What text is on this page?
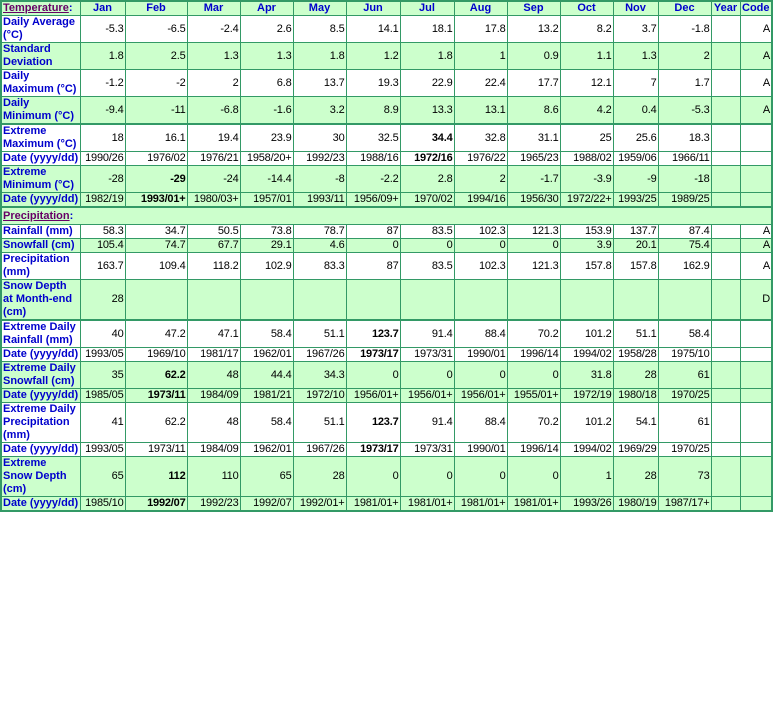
Temperature:	Jan	Feb	Mar	Apr	May	Jun	Jul	Aug	Sep	Oct	Nov	Dec	Year	Code
Daily Average (°C)	-5.3	-6.5	-2.4	2.6	8.5	14.1	18.1	17.8	13.2	8.2	3.7	-1.8		A
Standard Deviation	1.8	2.5	1.3	1.3	1.8	1.2	1.8	1	0.9	1.1	1.3	2		A
Daily Maximum (°C)	-1.2	-2	2	6.8	13.7	19.3	22.9	22.4	17.7	12.1	7	1.7		A
Daily Minimum (°C)	-9.4	-11	-6.8	-1.6	3.2	8.9	13.3	13.1	8.6	4.2	0.4	-5.3		A
Extreme Maximum (°C)	18	16.1	19.4	23.9	30	32.5	34.4	32.8	31.1	25	25.6	18.3		
Date (yyyy/dd)	1990/26	1976/02	1976/21	1958/20+	1992/23	1988/16	1972/16	1976/22	1965/23	1988/02	1959/06	1966/11		
Extreme Minimum (°C)	-28	-29	-24	-14.4	-8	-2.2	2.8	2	-1.7	-3.9	-9	-18		
Date (yyyy/dd)	1982/19	1993/01+	1980/03+	1957/01	1993/11	1956/09+	1970/02	1994/16	1956/30	1972/22+	1993/25	1989/25		
Precipitation:														
Rainfall (mm)	58.3	34.7	50.5	73.8	78.7	87	83.5	102.3	121.3	153.9	137.7	87.4		A
Snowfall (cm)	105.4	74.7	67.7	29.1	4.6	0	0	0	0	3.9	20.1	75.4		A
Precipitation (mm)	163.7	109.4	118.2	102.9	83.3	87	83.5	102.3	121.3	157.8	157.8	162.9		A
Snow Depth at Month-end (cm)	28													D
Extreme Daily Rainfall (mm)	40	47.2	47.1	58.4	51.1	123.7	91.4	88.4	70.2	101.2	51.1	58.4		
Date (yyyy/dd)	1993/05	1969/10	1981/17	1962/01	1967/26	1973/17	1973/31	1990/01	1996/14	1994/02	1958/28	1975/10		
Extreme Daily Snowfall (cm)	35	62.2	48	44.4	34.3	0	0	0	0	31.8	28	61		
Date (yyyy/dd)	1985/05	1973/11	1984/09	1981/21	1972/10	1956/01+	1956/01+	1956/01+	1955/01+	1972/19	1980/18	1970/25		
Extreme Daily Precipitation (mm)	41	62.2	48	58.4	51.1	123.7	91.4	88.4	70.2	101.2	54.1	61		
Date (yyyy/dd)	1993/05	1973/11	1984/09	1962/01	1967/26	1973/17	1973/31	1990/01	1996/14	1994/02	1969/29	1970/25		
Extreme Snow Depth (cm)	65	112	110	65	28	0	0	0	0	1	28	73		
Date (yyyy/dd)	1985/10	1992/07	1992/23	1992/07	1992/01+	1981/01+	1981/01+	1981/01+	1981/01+	1993/26	1980/19	1987/17+		
